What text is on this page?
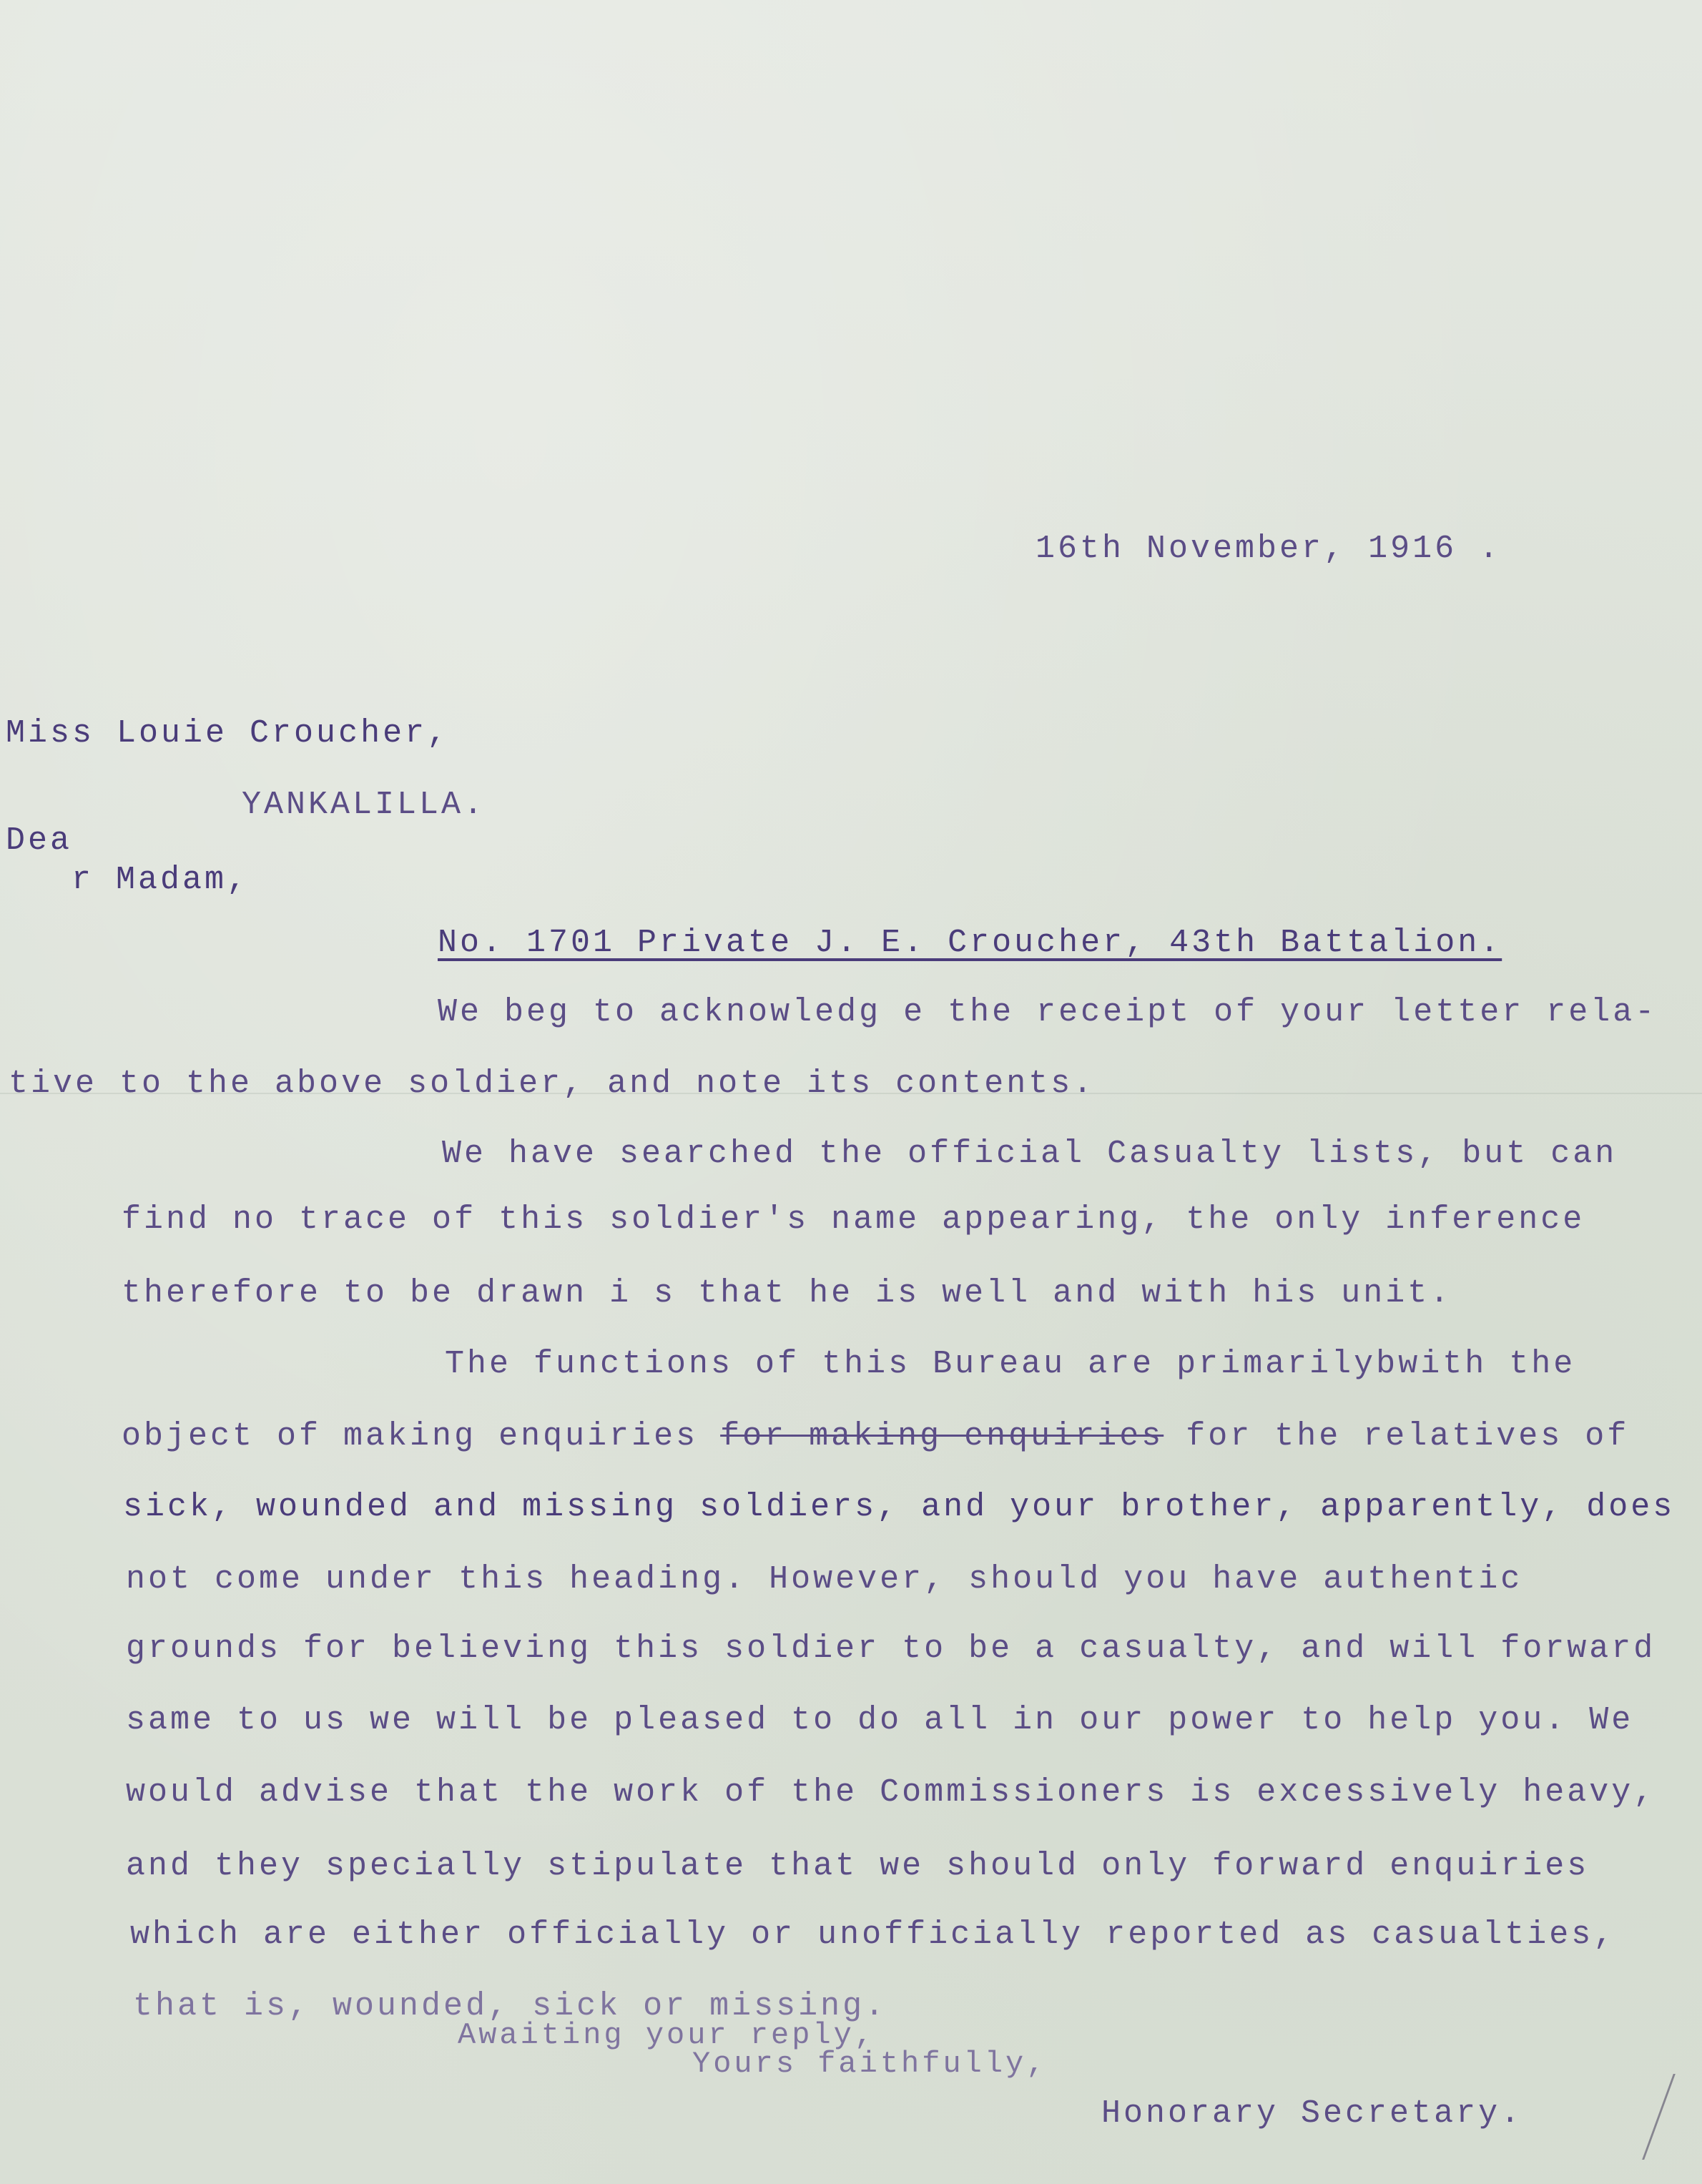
16th November, 1916 .
Miss Louie Croucher,
YANKALILLA.
Dea
r Madam,
No. 1701 Private J. E. Croucher, 43th Battalion.
We beg to acknowledg e the receipt of your letter rela-
tive to the above soldier, and note its contents.
We have searched the official Casualty lists, but can
find no trace of this soldier's name appearing, the only inference
therefore to be drawn i s that he is well and with his unit.
The functions of this Bureau are primarilybwith the
object of making enquiries for making enquiries for the relatives of
sick, wounded and missing soldiers, and your brother, apparently, does
not come under this heading. However, should you have authentic
grounds for believing this soldier to be a casualty, and will forward
same to us we will be pleased to do all in our power to help you. We
would advise that the work of the Commissioners is excessively heavy,
and they specially stipulate that we should only forward enquiries
which are either officially or unofficially reported as casualties,
that is, wounded, sick or missing.
Awaiting your reply,
Yours faithfully,
Honorary Secretary.
